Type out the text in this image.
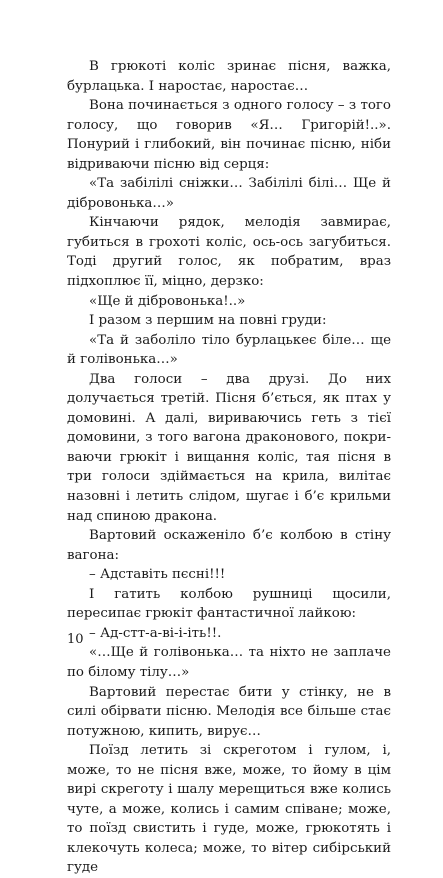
В грюкоті коліс зринає пісня, важка, бурлацька. І наростає, наростає…

Вона починається з одного голосу – з того голосу, що говорив «Я… Григорій!..». Понурий і глибокий, він починає пісню, ніби відриваючи пісню від серця:

«Та забілілі сніжки… Забілілі білі… Ще й дібровонька…»

Кінчаючи рядок, мелодія завмирає, губиться в грохоті коліс, ось-ось загубиться. Тоді другий голос, як побратим, враз підхоплює її, міцно, дерзко:

«Ще й дібровонька!..»

І разом з першим на повні груди:

«Та й заболіло тіло бурлацькеє біле… ще й голівонька…»

Два голоси – два друзі. До них долучається третій. Пісня б’ється, як птах у домовині. А далі, вириваючись геть з тієї домовини, з того вагона драконового, покриваючи грюкіт і вищання коліс, тая пісня в три голоси здіймається на крила, вилітає назовні і летить слідом, шугає і б’є крильми над спиною дракона.

Вартовий оскаженіло б’є колбою в стіну вагона:

– Адставіть пєсні!!!

І гатить колбою рушниці щосили, пересипає грюкіт фантастичної лайкою:

– Ад-стт-а-ві-і-іть!!.

«…Ще й голівонька… та ніхто не заплаче по білому тілу…»

Вартовий перестає бити у стінку, не в силі обірвати пісню. Мелодія все більше стає потужною, кипить, вирує…

Поїзд летить зі скреготом і гулом, і, може, то не пісня вже, може, то йому в цім вирі скреготу і шалу мерещиться вже колись чуте, а може, колись і самим співане; може, то поїзд свистить і гуде, може, грюкотять і клекочуть колеса; може, то вітер сибірський гуде

10
